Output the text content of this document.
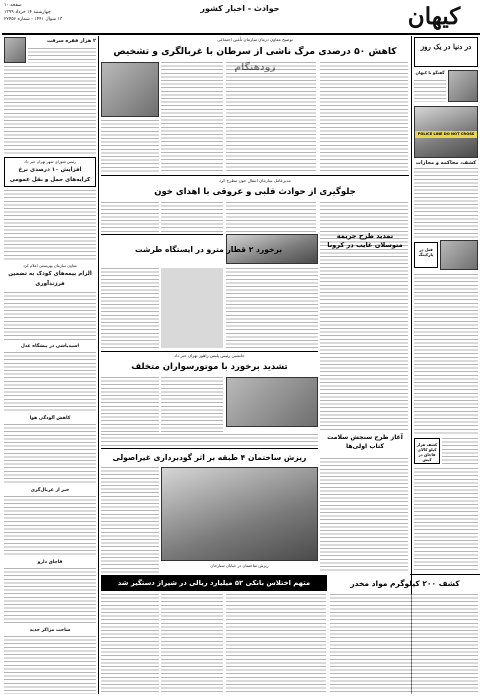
کیهان
حوادث - اخبار کشور
صفحه ۱۰
چهارشنبه ۱۴ خرداد ۱۳۹۹
۱۳ شوال ۱۴۴۱ - شماره ۲۲۴۵۶
در دنیا در یک روز
گفتگو با کیهان
POLICE LINE DO NOT CROSS
کشف، محاکمه و مجازات
قتل در پارکینگ
کشف هزار کیلو کالای قاچاق در کیش
کشف ۲۰۰ کیلوگرم مواد مخدر
توضیح معاون درمان سازمان تأمین اجتماعی
کاهش ۵۰ درصدی مرگ ناشی از سرطان با غربالگری و تشخیص
مدیرعامل سازمان انتقال خون مطرح کرد
جلوگیری از حوادث قلبی و عروقی با اهدای خون
تمدید طرح جریمه متوسلان غایب در کرونا
برخورد ۲ قطار مترو در ایستگاه طرشت
جانشین رئیس پلیس راهور تهران خبر داد
تشدید برخورد با موتورسواران متخلف
آغاز طرح سنجش سلامت کتاب اولی‌ها
ریزش ساختمان ۴ طبقه بر اثر گودبرداری غیراصولی
ریزش ساختمان در خیابان ستارخان
متهم اختلاس بانکی ۵۲ میلیارد ریالی در شیراز دستگیر شد
۲ هزار فقره سرقت
رئیس شورای شهر تهران خبر داد
افزایش ۱۰ درصدی نرخ کرایه‌های حمل و نقل عمومی
معاون سازمان بهزیستی اعلام کرد
الزام بیمه‌های کودک به تضمین فرزندآوری
اسیدپاشی در پیشگاه عدل
کاهش آلودگی هوا
خبر از غربال‌گری
قاچاق دارو
ساخت مراکز جدید
